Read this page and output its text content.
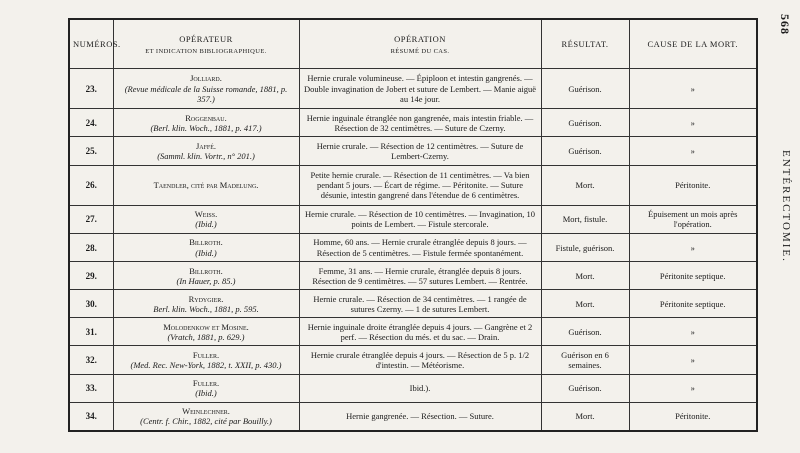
568
ENTÉRECTOMIE.
NUMÉROS.	OPÉRATEUR
ET INDICATION BIBLIOGRAPHIQUE.	OPÉRATION
RÉSUMÉ DU CAS.	RÉSULTAT.	CAUSE DE LA MORT.
23.	Jolliard.
(Revue médicale de la Suisse romande, 1881, p. 357.)	Hernie crurale volumineuse. — Épiploon et intestin gangrenés. — Double invagination de Jobert et suture de Lembert. — Manie aiguë au 14e jour.	Guérison.	»
24.	Roggenbau.
(Berl. klin. Woch., 1881, p. 417.)	Hernie inguinale étranglée non gangrenée, mais intestin friable. — Résection de 32 centimètres. — Suture de Czerny.	Guérison.	»
25.	Jaffé.
(Samml. klin. Vortr., n° 201.)	Hernie crurale. — Résection de 12 centimètres. — Suture de Lembert-Czerny.	Guérison.	»
26.	Taendler, cité par Madelung.	Petite hernie crurale. — Résection de 11 centimètres. — Va bien pendant 5 jours. — Écart de régime. — Péritonite. — Suture désunie, intestin gangrené dans l'étendue de 6 centimètres.	Mort.	Péritonite.
27.	Weiss.
(Ibid.)	Hernie crurale. — Résection de 10 centimètres. — Invagination, 10 points de Lembert. — Fistule stercorale.	Mort, fistule.	Épuisement un mois après l'opération.
28.	Billroth.
(Ibid.)	Homme, 60 ans. — Hernie crurale étranglée depuis 8 jours. — Résection de 5 centimètres. — Fistule fermée spontanément.	Fistule, guérison.	»
29.	Billroth.
(In Hauer, p. 85.)	Femme, 31 ans. — Hernie crurale, étranglée depuis 8 jours. Résection de 9 centimètres. — 57 sutures Lembert. — Rentrée.	Mort.	Péritonite septique.
30.	Rydygier.
Berl. klin. Woch., 1881, p. 595.	Hernie crurale. — Résection de 34 centimètres. — 1 rangée de sutures Czerny. — 1 de sutures Lembert.	Mort.	Péritonite septique.
31.	Molodenkow et Mosine.
(Vratch, 1881, p. 629.)	Hernie inguinale droite étranglée depuis 4 jours. — Gangrène et 2 perf. — Résection du més. et du sac. — Drain.	Guérison.	»
32.	Fuller.
(Med. Rec. New-York, 1882, t. XXII, p. 430.)	Hernie crurale étranglée depuis 4 jours. — Résection de 5 p. 1/2 d'intestin. — Météorisme.	Guérison en 6 semaines.	»
33.	Fuller.
(Ibid.)	Ibid.).	Guérison.	»
34.	Weinlechner.
(Centr. f. Chir., 1882, cité par Bouilly.)	Hernie gangrenée. — Résection. — Suture.	Mort.	Péritonite.
